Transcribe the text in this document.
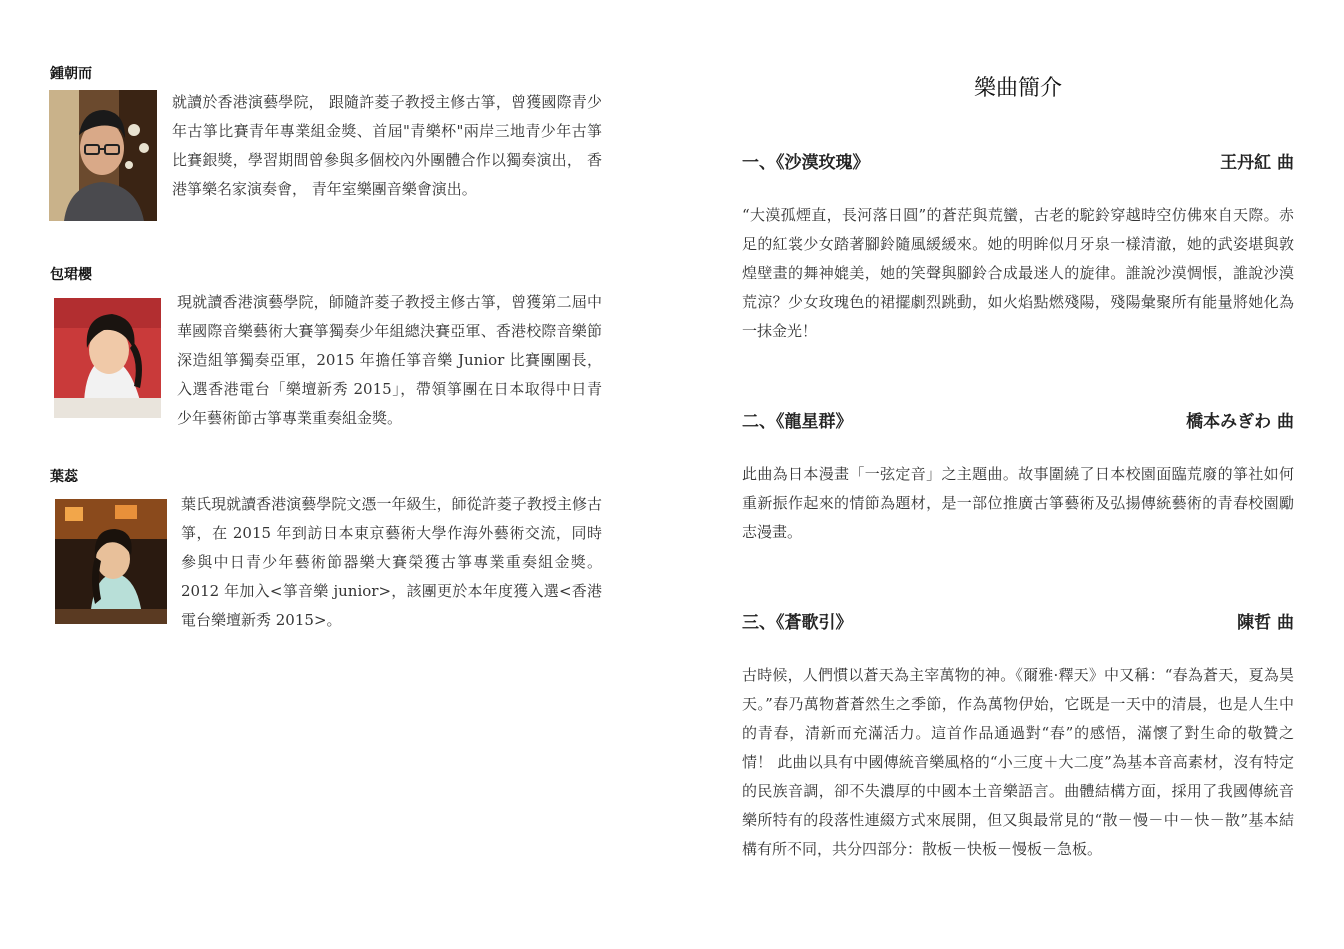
鍾朝而
就讀於香港演藝學院， 跟隨許菱子教授主修古箏，曾獲國際青少年古箏比賽青年專業組金獎、首屆"青樂杯"兩岸三地青少年古箏比賽銀獎，學習期間曾參與多個校內外團體合作以獨奏演出， 香港箏樂名家演奏會， 青年室樂團音樂會演出。
包珺櫻
現就讀香港演藝學院，師隨許菱子教授主修古箏，曾獲第二屆中華國際音樂藝術大賽箏獨奏少年組總決賽亞軍、香港校際音樂節深造組箏獨奏亞軍，2015 年擔任箏音樂 Junior 比賽團團長，入選香港電台「樂壇新秀 2015」，帶領箏團在日本取得中日青少年藝術節古箏專業重奏組金獎。
葉蕊
葉氏現就讀香港演藝學院文憑一年級生，師從許菱子教授主修古箏，在 2015 年到訪日本東京藝術大學作海外藝術交流，同時參與中日青少年藝術節器樂大賽榮獲古箏專業重奏組金獎。2012 年加入<箏音樂 junior>，該團更於本年度獲入選<香港電台樂壇新秀 2015>。
樂曲簡介
一、《沙漠玫瑰》	王丹紅 曲
“大漠孤煙直，長河落日圓”的蒼茫與荒蠻，古老的駝鈴穿越時空仿佛來自天際。赤足的紅裳少女踏著腳鈴隨風緩緩來。她的明眸似月牙泉一樣清澈，她的武姿堪與敦煌壁畫的舞神媲美，她的笑聲與腳鈴合成最迷人的旋律。誰說沙漠惆悵，誰說沙漠荒涼？少女玫瑰色的裙擺劇烈跳動，如火焰點燃殘陽，殘陽彙聚所有能量將她化為一抹金光！
二、《龍星群》	橋本みぎわ 曲
此曲為日本漫畫「一弦定音」之主題曲。故事圍繞了日本校園面臨荒廢的箏社如何重新振作起來的情節為題材，是一部位推廣古箏藝術及弘揚傳統藝術的青春校園勵志漫畫。
三、《蒼歌引》	陳哲 曲
古時候，人們慣以蒼天為主宰萬物的神。《爾雅·釋天》中又稱：“春為蒼天，夏為昊天。”春乃萬物蒼蒼然生之季節，作為萬物伊始，它既是一天中的清晨，也是人生中的青春，清新而充滿活力。這首作品通過對“春”的感悟，滿懷了對生命的敬贊之情！ 此曲以具有中國傳統音樂風格的“小三度＋大二度”為基本音高素材，沒有特定的民族音調，卻不失濃厚的中國本土音樂語言。曲體結構方面，採用了我國傳統音樂所特有的段落性連綴方式來展開，但又與最常見的“散－慢－中－快－散”基本結構有所不同，共分四部分：散板－快板－慢板－急板。
